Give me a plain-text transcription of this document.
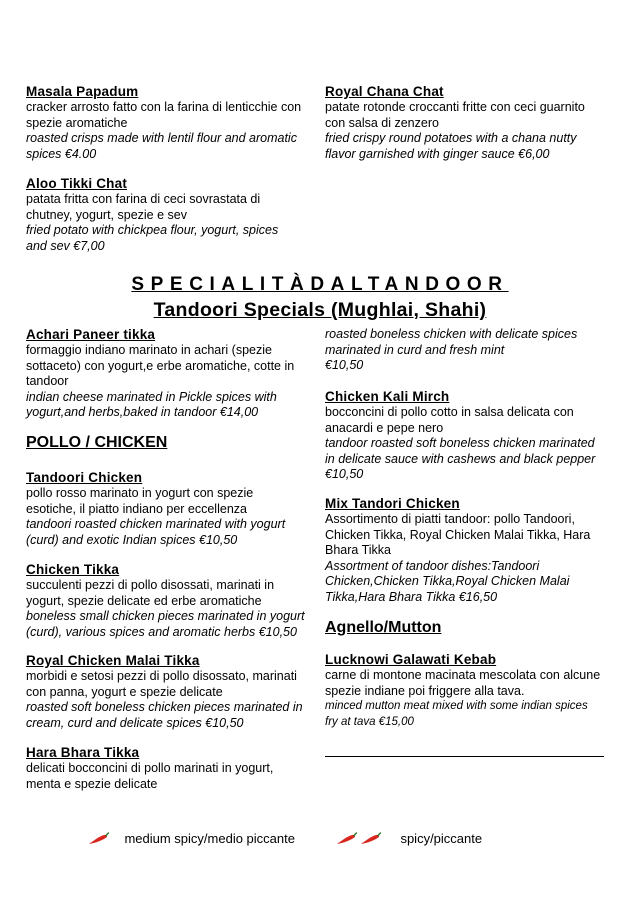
Masala Papadum
cracker arrosto fatto con la farina di lenticchie con
spezie aromatiche
roasted crisps made with lentil flour and aromatic
spices €4.00
Aloo Tikki Chat
patata fritta con farina di ceci sovrastata di
chutney, yogurt, spezie e sev
fried potato with chickpea flour, yogurt, spices
and sev €7,00
Royal Chana Chat
patate rotonde croccanti fritte con ceci guarnito
con salsa di zenzero
fried crispy round potatoes with a chana nutty
flavor garnished with ginger sauce €6,00
SPECIALITÀDALTANDOOR
Tandoori Specials (Mughlai, Shahi)
Achari Paneer tikka
formaggio indiano marinato in achari (spezie
sottaceto) con yogurt,e erbe aromatiche, cotte in
tandoor
indian cheese marinated in Pickle spices with
yogurt,and herbs,baked in tandoor €14,00
POLLO / CHICKEN
Tandoori Chicken
pollo rosso marinato in yogurt con spezie
esotiche, il piatto indiano per eccellenza
tandoori roasted chicken marinated with yogurt
(curd) and exotic Indian spices €10,50
Chicken Tikka
succulenti pezzi di pollo disossati, marinati in
yogurt, spezie delicate ed erbe aromatiche
boneless small chicken pieces marinated in yogurt
(curd), various spices and aromatic herbs €10,50
Royal Chicken Malai Tikka
morbidi e setosi pezzi di pollo disossato, marinati
con panna, yogurt e spezie delicate
roasted soft boneless chicken pieces marinated in
cream, curd and delicate spices €10,50
Hara Bhara Tikka
delicati bocconcini di pollo marinati in yogurt,
menta e spezie delicate
roasted boneless chicken with delicate spices
marinated in curd and fresh mint
€10,50
Chicken Kali Mirch
bocconcini di pollo cotto in salsa delicata con
anacardi e pepe nero
tandoor roasted soft boneless chicken marinated
in delicate sauce with cashews and black pepper
€10,50
Mix Tandori Chicken
Assortimento di piatti tandoor: pollo Tandoori,
Chicken Tikka, Royal Chicken Malai Tikka, Hara
Bhara Tikka
Assortment of tandoor dishes:Tandoori
Chicken,Chicken Tikka,Royal Chicken Malai
Tikka,Hara Bhara Tikka €16,50
Agnello/Mutton
Lucknowi Galawati Kebab
carne di montone macinata mescolata con alcune
spezie indiane poi friggere alla tava.
minced mutton meat mixed with some indian spices
fry at tava €15,00
medium spicy/medio piccante	spicy/piccante
